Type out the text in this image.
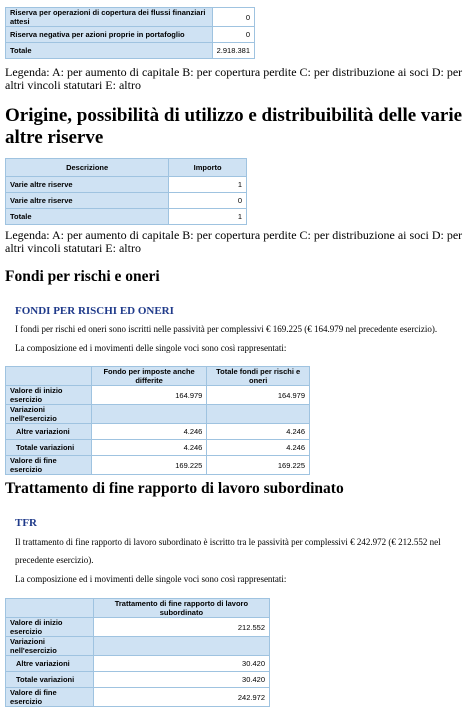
Riserva per operazioni di copertura dei flussi finanziari attesi	0
Riserva negativa per azioni proprie in portafoglio	0
Totale	2.918.381

Legenda: A: per aumento di capitale B: per copertura perdite C: per distribuzione ai soci D: per altri vincoli statutari E: altro

Origine, possibilità di utilizzo e distribuibilità delle varie altre riserve
Descrizione	Importo
Varie altre riserve	1
Varie altre riserve	0
Totale	1

Legenda: A: per aumento di capitale B: per copertura perdite C: per distribuzione ai soci D: per altri vincoli statutari E: altro

Fondi per rischi e oneri
FONDI PER RISCHI ED ONERI

I fondi per rischi ed oneri sono iscritti nelle passività per complessivi € 169.225 (€ 164.979 nel precedente esercizio).

La composizione ed i movimenti delle singole voci sono così rappresentati:

	Fondo per imposte anche differite	Totale fondi per rischi e oneri
Valore di inizio esercizio	164.979	164.979
Variazioni nell'esercizio		
Altre variazioni	4.246	4.246
Totale variazioni	4.246	4.246
Valore di fine esercizio	169.225	169.225
Trattamento di fine rapporto di lavoro subordinato
TFR

Il trattamento di fine rapporto di lavoro subordinato è iscritto tra le passività per complessivi € 242.972 (€ 212.552 nel

precedente esercizio).

La composizione ed i movimenti delle singole voci sono così rappresentati:

	Trattamento di fine rapporto di lavoro subordinato
Valore di inizio esercizio	212.552
Variazioni nell'esercizio	
Altre variazioni	30.420
Totale variazioni	30.420
Valore di fine esercizio	242.972
